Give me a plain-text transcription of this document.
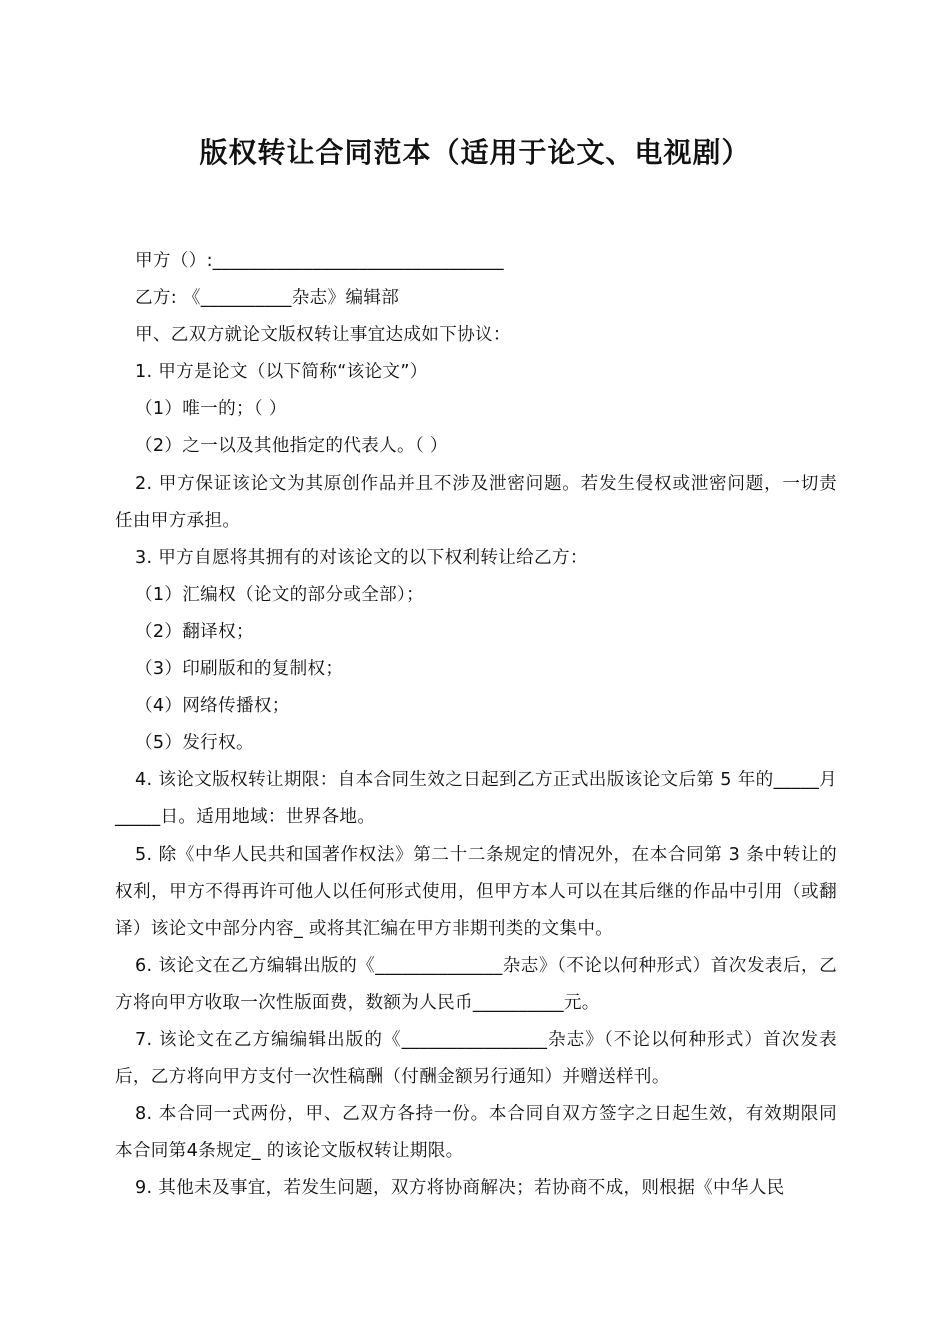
版权转让合同范本（适用于论文、电视剧）

甲方（）:________________________________

乙方: 《__________杂志》编辑部

甲、乙双方就论文版权转让事宜达成如下协议：

1. 甲方是论文（以下简称“该论文”）

（1）唯一的；（ ）

（2）之一以及其他指定的代表人。（ ）

2. 甲方保证该论文为其原创作品并且不涉及泄密问题。若发生侵权或泄密问题，一切责任由甲方承担。

3. 甲方自愿将其拥有的对该论文的以下权利转让给乙方：

（1）汇编权（论文的部分或全部）；

（2）翻译权；

（3）印刷版和的复制权；

（4）网络传播权；

（5）发行权。

4. 该论文版权转让期限：自本合同生效之日起到乙方正式出版该论文后第 5 年的_____月_____日。适用地域：世界各地。

5. 除《中华人民共和国著作权法》第二十二条规定的情况外，在本合同第 3 条中转让的权利，甲方不得再许可他人以任何形式使用，但甲方本人可以在其后继的作品中引用（或翻译）该论文中部分内容_ 或将其汇编在甲方非期刊类的文集中。

6. 该论文在乙方编辑出版的《______________杂志》（不论以何种形式）首次发表后，乙方将向甲方收取一次性版面费，数额为人民币__________元。

7. 该论文在乙方编编辑出版的《________________杂志》（不论以何种形式）首次发表后，乙方将向甲方支付一次性稿酬（付酬金额另行通知）并赠送样刊。

8. 本合同一式两份，甲、乙双方各持一份。本合同自双方签字之日起生效，有效期限同本合同第4条规定_ 的该论文版权转让期限。

9. 其他未及事宜，若发生问题，双方将协商解决；若协商不成，则根据《中华人民
